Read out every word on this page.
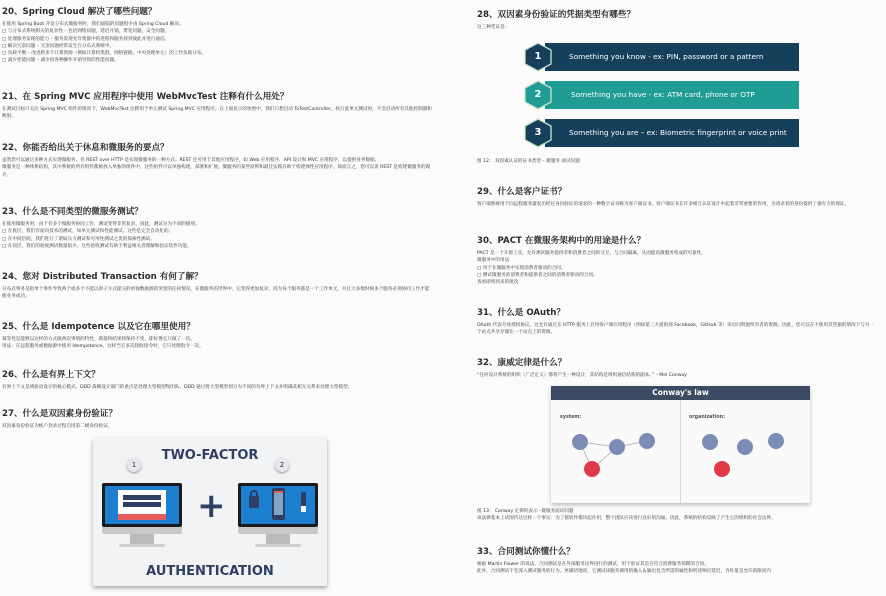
20、Spring Cloud 解决了哪些问题？
在使用 Spring Boot 开发分布式微服务时，我们面临的问题很少由 Spring Cloud 解决。
□ 与分布式系统相关的复杂性 – 包括网络问题，延迟开销，带宽问题，安全问题。
□ 处理服务发现的能力 – 服务发现允许集群中的进程和服务找到彼此并进行通信。
□ 解决冗余问题 – 冗余问题经常发生在分布式系统中。
□ 负载平衡 – 改进跨多个计算资源（例如计算机集群，网络链路，中央处理单元）的工作负载分布。
□ 减少性能问题 – 减少因各种操作开销导致的性能问题。
21、在 Spring MVC 应用程序中使用 WebMvcTest 注释有什么用处？
在测试目标只关注 Spring MVC 组件的情况下，WebMvcTest 注释用于单元测试 Spring MVC 应用程序。在上面显示的快照中，我们只想启动 ToTestController。执行此单元测试时，不会启动所有其他控制器和映射。
22、你能否给出关于休息和微服务的要点？
虽然您可以通过多种方式实现微服务，但 REST over HTTP 是实现微服务的一种方式。REST 还可用于其他应用程序，如 Web 应用程序，API 设计和 MVC 应用程序，以提供业务数据。
微服务是一种体系结构，其中系统的所有组件都被放入单独的组件中，这些组件可以单独构建，部署和扩展。微服务的某些原则和最佳实践有助于构建弹性应用程序。简而言之，您可以说 REST 是构建微服务的媒介。
23、什么是不同类型的微服务测试？
在使用微服务时，由于有多个微服务协同工作，测试变得非常复杂。因此，测试分为不同的级别。
□ 在底层，我们有面向技术的测试，如单元测试和性能测试。这些是完全自动化的。
□ 在中间层面，我们进行了诸如压力测试和可用性测试之类的探索性测试。
□ 在顶层，我们的验收测试数量很少。这些验收测试有助于利益相关者理解和验证软件功能。
24、您对 Distributed Transaction 有何了解？
分布式事务是指单个事件导致两个或多个不能以原子方式提交的单独数据源的突变的任何情况。在微服务的世界中，它变得更加复杂，因为每个服务都是一个工作单元，并且大多数时候多个服务必须协同工作才能使业务成功。
25、什么是 Idempotence 以及它在哪里使用？
幂等性是能够以这样的方式做两次事情的特性，即最终结果将保持不变，即好像它只做了一次。
用法：在远程服务或数据源中使用 Idempotence，这样当它多次接收指令时，它只处理指令一次。
26、什么是有界上下文？
有界上下文是域驱动设计的核心模式。DDD 战略设计部门的重点是处理大型模型和团队。DDD 通过将大型模型划分为不同的有界上下文并明确其相互关系来处理大型模型。
27、什么是双因素身份验证？
双因素身份验证为帐户登录过程启用第二级身份验证。
TWO-FACTOR
1	2
+
AUTHENTICATION
28、双因素身份验证的凭据类型有哪些？
这三种凭证是：
1	Something you know - ex: PIN, password or a pattern
2	Something you have - ex: ATM card, phone or OTP
3	Something you are – ex: Biometric fingerprint or voice print
图 12： 双因素认证的证书类型 – 微服务 面试问题
29、什么是客户证书？
客户端系统用于向远程服务器发出经过身份验证的请求的一种数字证书称为客户端证书。客户端证书在许多相互认证设计中起着非常重要的作用，为请求者的身份提供了强有力的保证。
30、PACT 在微服务架构中的用途是什么？
PACT 是一个开源工具，允许测试服务提供者和消费者之间的交互，与合同隔离，从而提高微服务集成的可靠性。
微服务中的用法
□ 用于在微服务中实现消费者驱动的合同。
□ 测试微服务的消费者和提供者之间的消费者驱动的合同。
查看即将到来的批次
31、什么是 OAuth？
OAuth 代表开放授权协议。这允许通过在 HTTP 服务上启用客户端应用程序（例如第三方提供商 Facebook，GitHub 等）来访问资源所有者的资源。因此，您可以在不使用其凭据的情况下与另一个站点共享存储在一个站点上的资源。
32、康威定律是什么？
“任何设计系统的组织（广泛定义）都将产生一种设计，其结构是组织通信结构的副本。” – Mel Conway
图 13： Conway 定律的表示 –微服务面试问题
该法律基本上试图传达这样一个事实：为了使软件模块起作用，整个团队应该进行良好的沟通。因此，系统的结构反映了产生它的组织的社会边界。
33、合同测试你懂什么？
根据 Martin Flower 的说法，合同测试是在外部服务边界进行的测试，用于验证其是否符合消费服务预期的合同。
此外，合同测试不会深入测试服务的行为。更确切地说，它测试该服务调用的输入＆输出包含所需的属性和所述响应延迟，吞吐量是允许的限度内
Conway's law
system:	organization:
